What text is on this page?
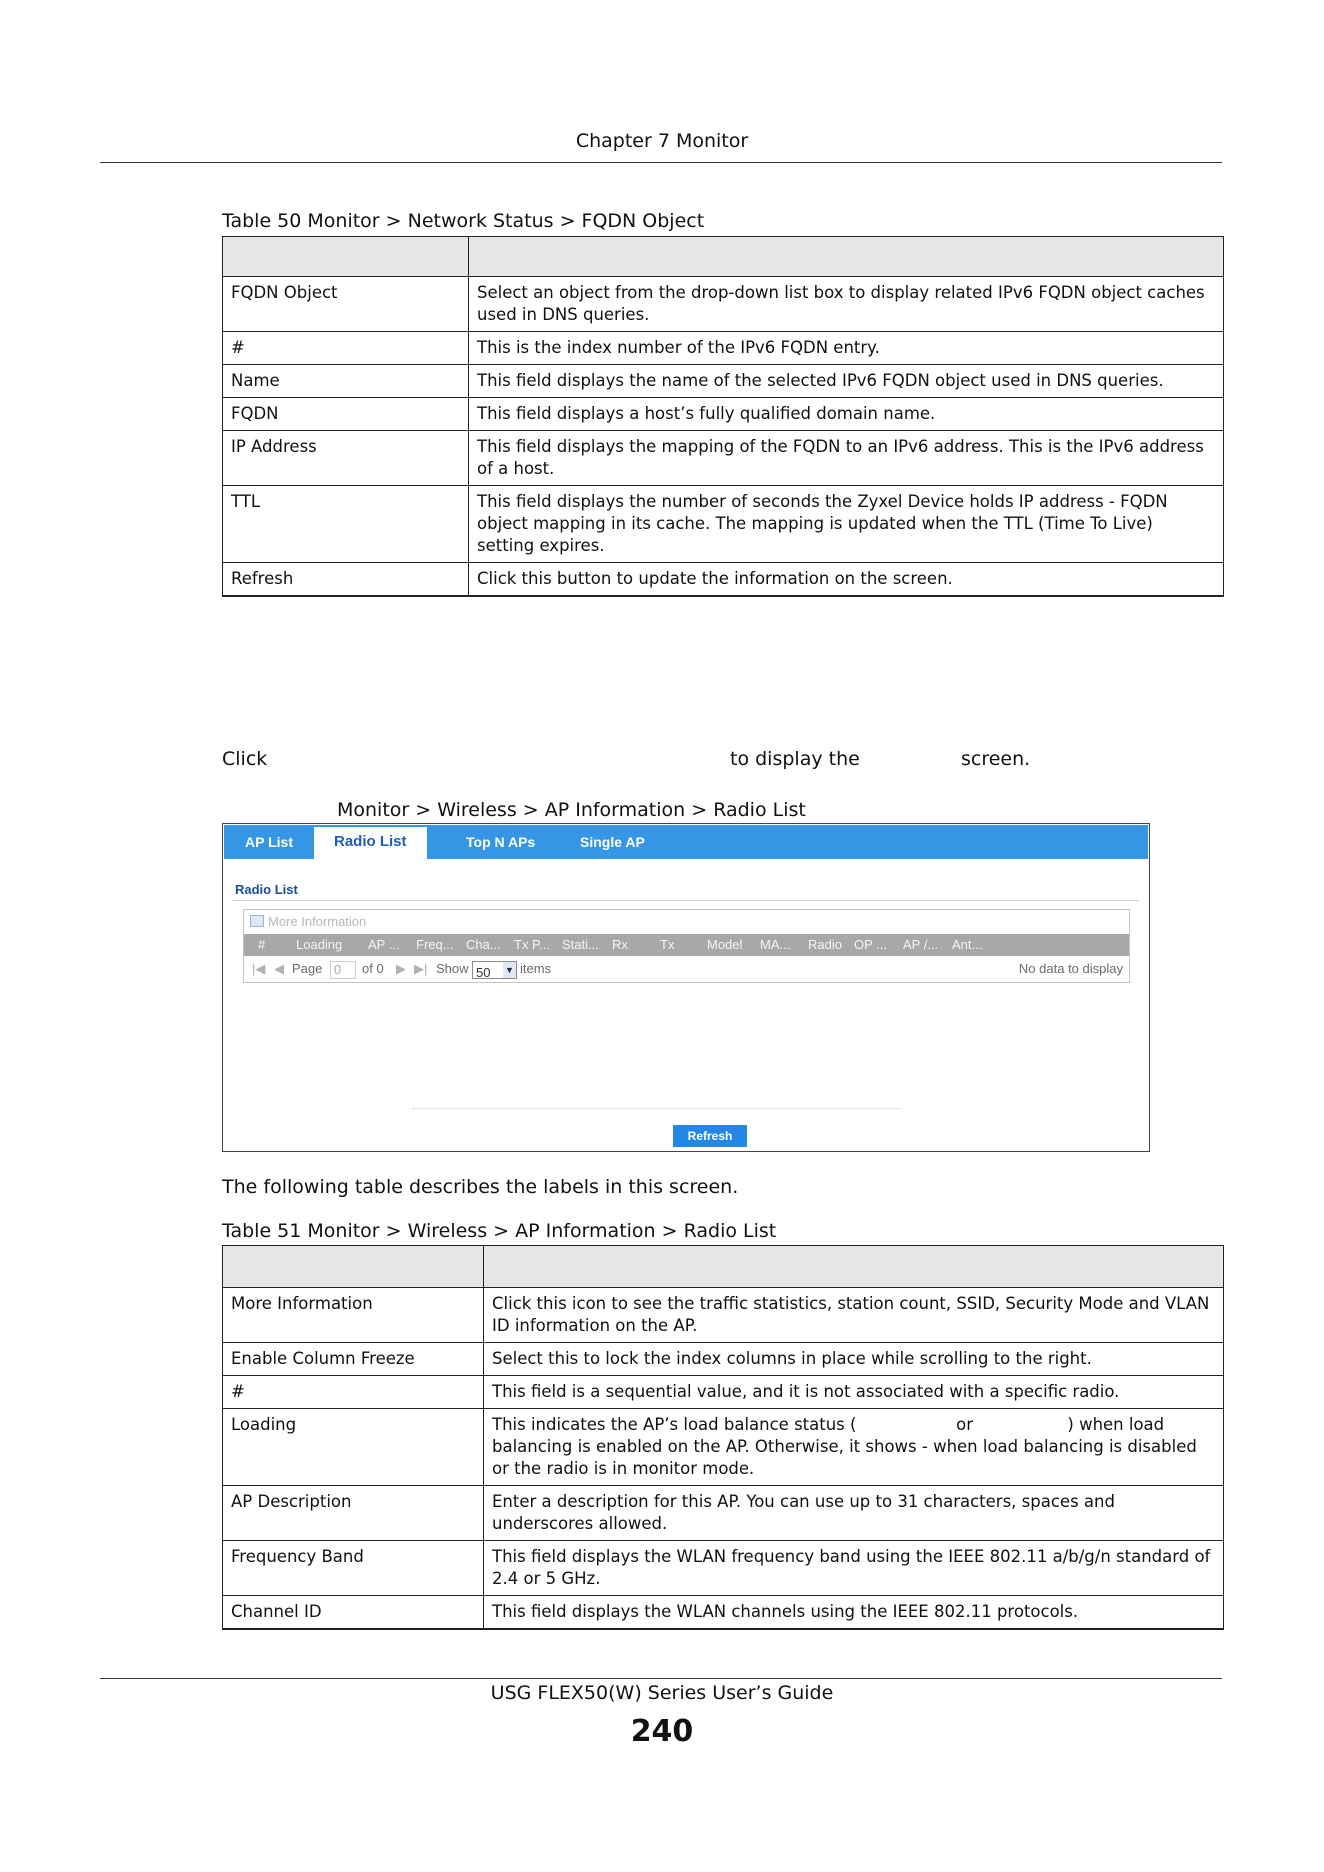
Chapter 7 Monitor
Table 50 Monitor > Network Status > FQDN Object

FQDN Object	Select an object from the drop-down list box to display related IPv6 FQDN object caches used in DNS queries.
#	This is the index number of the IPv6 FQDN entry.
Name	This field displays the name of the selected IPv6 FQDN object used in DNS queries.
FQDN	This field displays a host’s fully qualified domain name.
IP Address	This field displays the mapping of the FQDN to an IPv6 address. This is the IPv6 address of a host.
TTL	This field displays the number of seconds the Zyxel Device holds IP address - FQDN object mapping in its cache. The mapping is updated when the TTL (Time To Live) setting expires.
Refresh	Click this button to update the information on the screen.
Click	to display the	screen.
Monitor > Wireless > AP Information > Radio List
AP List	Radio List	Top N APs	Single AP
Radio List
More Information
# Loading AP ... Freq... Cha... Tx P... Stati... Rx Tx	Model MA... Radio OP ... AP /... Ant...
|◀ ◀ Page 0	of 0 ▶ ▶| Show 50 ▼ items	No data to display
Refresh
The following table describes the labels in this screen.
Table 51 Monitor > Wireless > AP Information > Radio List

More Information	Click this icon to see the traffic statistics, station count, SSID, Security Mode and VLAN ID information on the AP.
Enable Column Freeze	Select this to lock the index columns in place while scrolling to the right.
#	This field is a sequential value, and it is not associated with a specific radio.
Loading	This indicates the AP’s load balance status (                   or                  ) when load balancing is enabled on the AP. Otherwise, it shows - when load balancing is disabled or the radio is in monitor mode.
AP Description	Enter a description for this AP. You can use up to 31 characters, spaces and underscores allowed.
Frequency Band	This field displays the WLAN frequency band using the IEEE 802.11 a/b/g/n standard of 2.4 or 5 GHz.
Channel ID	This field displays the WLAN channels using the IEEE 802.11 protocols.
USG FLEX50(W) Series User’s Guide
240
